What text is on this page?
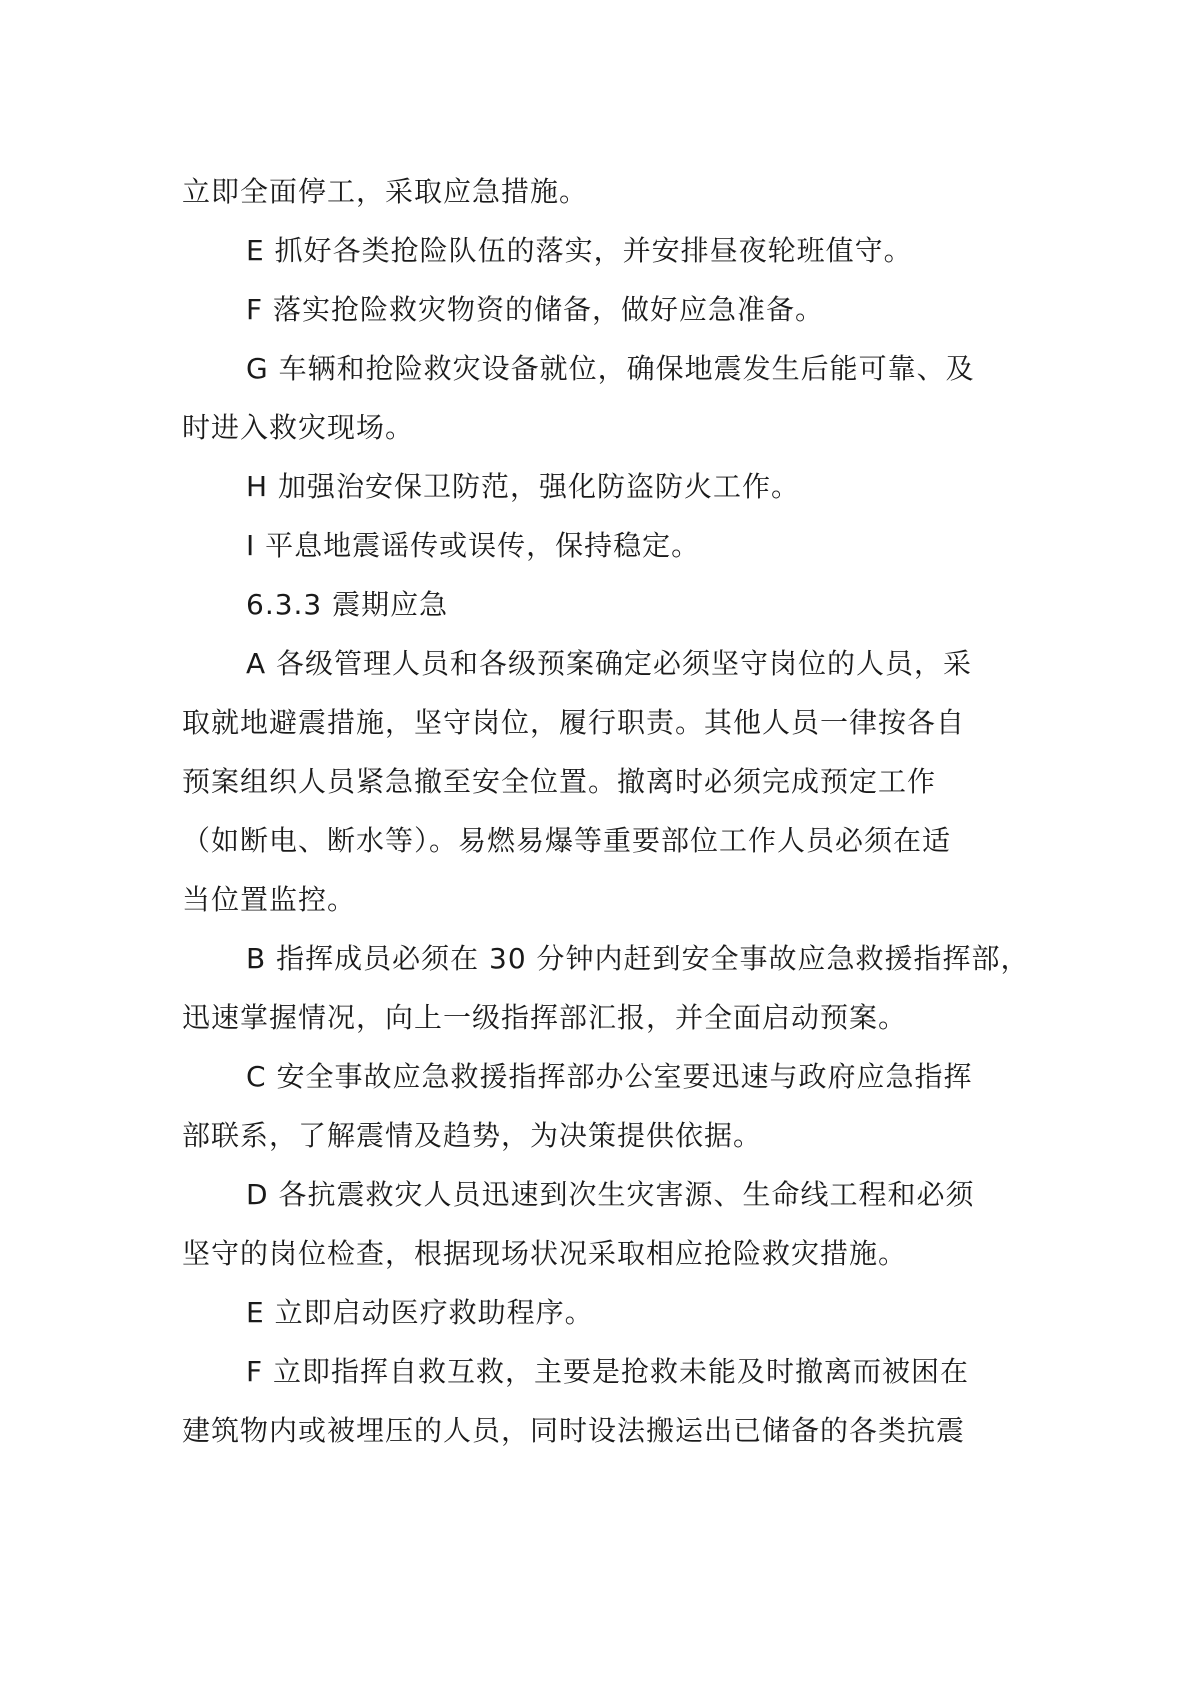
立即全面停工，采取应急措施。

E 抓好各类抢险队伍的落实，并安排昼夜轮班值守。

F 落实抢险救灾物资的储备，做好应急准备。

G 车辆和抢险救灾设备就位，确保地震发生后能可靠、及

时进入救灾现场。

H 加强治安保卫防范，强化防盗防火工作。

I 平息地震谣传或误传，保持稳定。

6.3.3 震期应急

A 各级管理人员和各级预案确定必须坚守岗位的人员，采

取就地避震措施，坚守岗位，履行职责。其他人员一律按各自

预案组织人员紧急撤至安全位置。撤离时必须完成预定工作

（如断电、断水等）。易燃易爆等重要部位工作人员必须在适

当位置监控。

B 指挥成员必须在 30 分钟内赶到安全事故应急救援指挥部，

迅速掌握情况，向上一级指挥部汇报，并全面启动预案。

C 安全事故应急救援指挥部办公室要迅速与政府应急指挥

部联系，了解震情及趋势，为决策提供依据。

D 各抗震救灾人员迅速到次生灾害源、生命线工程和必须

坚守的岗位检查，根据现场状况采取相应抢险救灾措施。

E 立即启动医疗救助程序。

F 立即指挥自救互救，主要是抢救未能及时撤离而被困在

建筑物内或被埋压的人员，同时设法搬运出已储备的各类抗震
